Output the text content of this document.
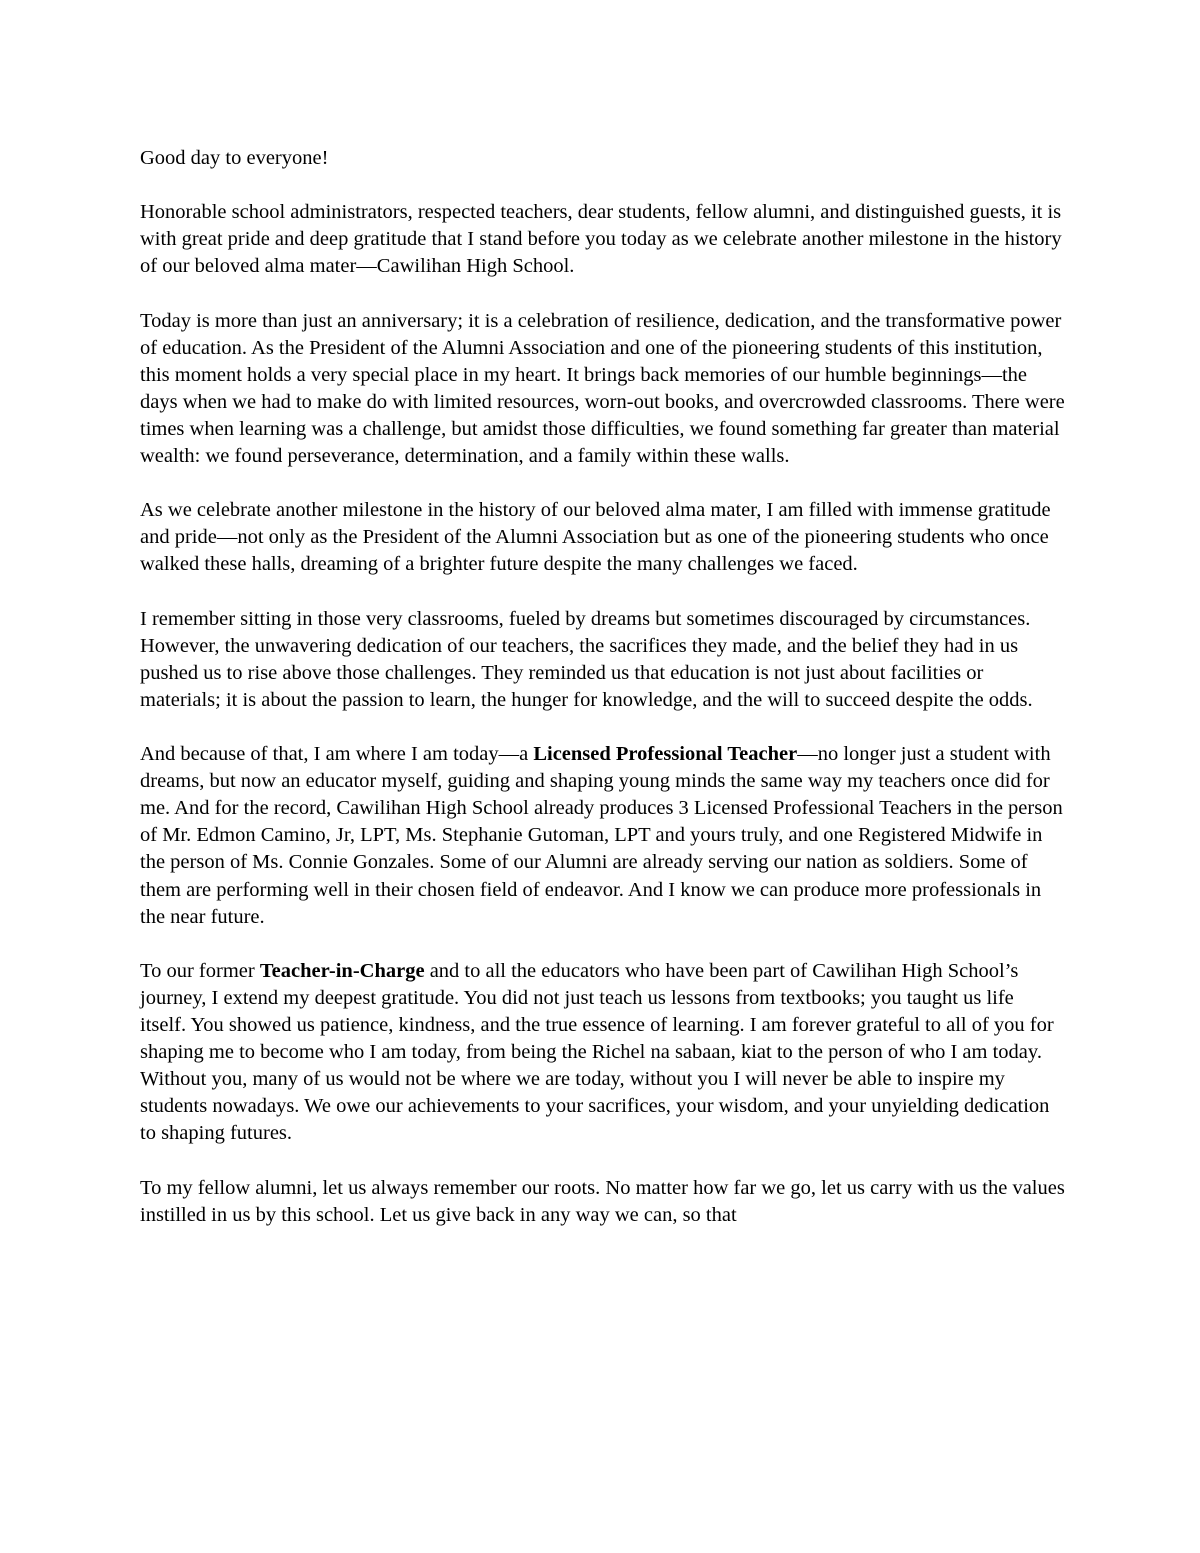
Good day to everyone!

Honorable school administrators, respected teachers, dear students, fellow alumni, and distinguished guests, it is with great pride and deep gratitude that I stand before you today as we celebrate another milestone in the history of our beloved alma mater—Cawilihan High School.

Today is more than just an anniversary; it is a celebration of resilience, dedication, and the transformative power of education. As the President of the Alumni Association and one of the pioneering students of this institution, this moment holds a very special place in my heart. It brings back memories of our humble beginnings—the days when we had to make do with limited resources, worn-out books, and overcrowded classrooms. There were times when learning was a challenge, but amidst those difficulties, we found something far greater than material wealth: we found perseverance, determination, and a family within these walls.

As we celebrate another milestone in the history of our beloved alma mater, I am filled with immense gratitude and pride—not only as the President of the Alumni Association but as one of the pioneering students who once walked these halls, dreaming of a brighter future despite the many challenges we faced.

I remember sitting in those very classrooms, fueled by dreams but sometimes discouraged by circumstances. However, the unwavering dedication of our teachers, the sacrifices they made, and the belief they had in us pushed us to rise above those challenges. They reminded us that education is not just about facilities or materials; it is about the passion to learn, the hunger for knowledge, and the will to succeed despite the odds.

And because of that, I am where I am today—a Licensed Professional Teacher—no longer just a student with dreams, but now an educator myself, guiding and shaping young minds the same way my teachers once did for me. And for the record, Cawilihan High School already produces 3 Licensed Professional Teachers in the person of Mr. Edmon Camino, Jr, LPT, Ms. Stephanie Gutoman, LPT and yours truly, and one Registered Midwife in the person of Ms. Connie Gonzales. Some of our Alumni are already serving our nation as soldiers. Some of them are performing well in their chosen field of endeavor. And I know we can produce more professionals in the near future.

To our former Teacher-in-Charge and to all the educators who have been part of Cawilihan High School’s journey, I extend my deepest gratitude. You did not just teach us lessons from textbooks; you taught us life itself. You showed us patience, kindness, and the true essence of learning. I am forever grateful to all of you for shaping me to become who I am today, from being the Richel na sabaan, kiat to the person of who I am today. Without you, many of us would not be where we are today, without you I will never be able to inspire my students nowadays. We owe our achievements to your sacrifices, your wisdom, and your unyielding dedication to shaping futures.

To my fellow alumni, let us always remember our roots. No matter how far we go, let us carry with us the values instilled in us by this school. Let us give back in any way we can, so that
